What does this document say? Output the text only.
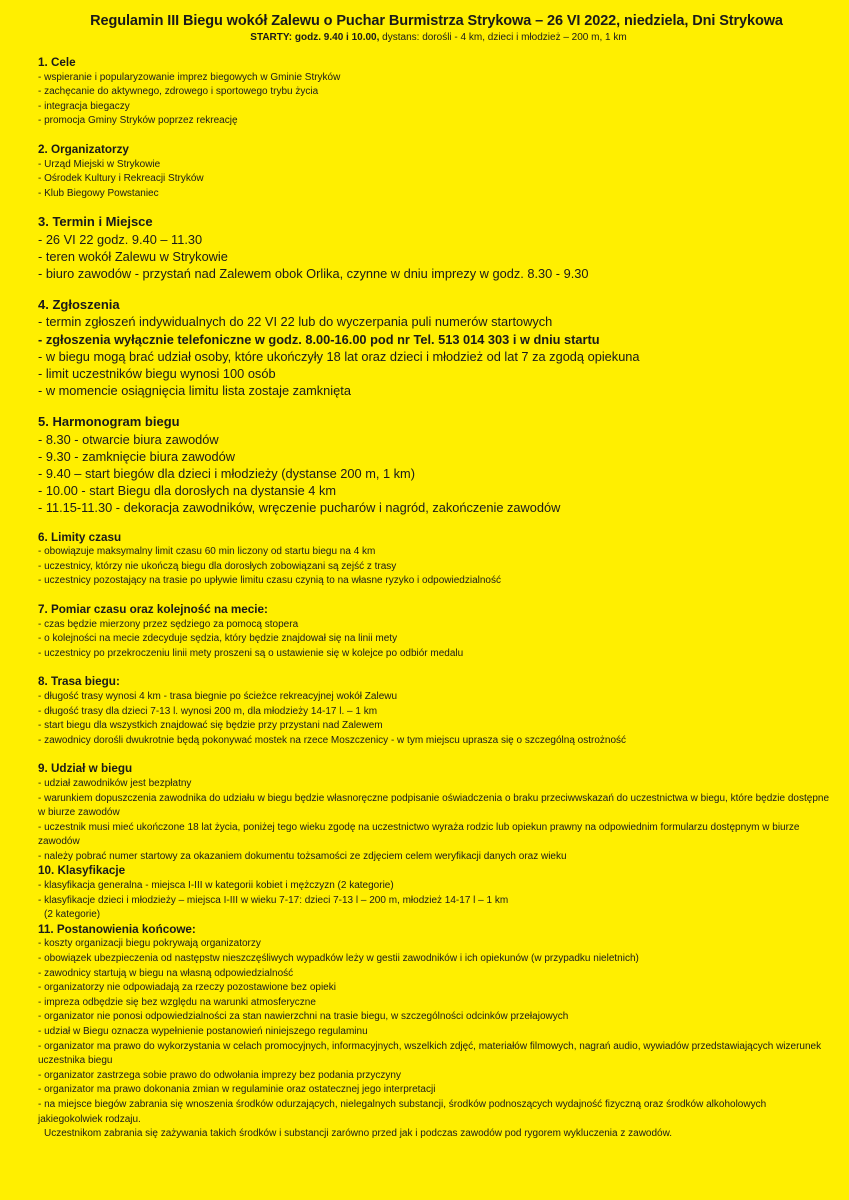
Regulamin III Biegu wokół Zalewu o Puchar Burmistrza Strykowa – 26 VI 2022, niedziela, Dni Strykowa

STARTY: godz. 9.40 i 10.00, dystans: dorośli - 4 km, dzieci i młodzież – 200 m, 1 km

1. Cele
- wspieranie i popularyzowanie imprez biegowych w Gminie Stryków
- zachęcanie do aktywnego, zdrowego i sportowego trybu życia
- integracja biegaczy
- promocja Gminy Stryków poprzez rekreację
2. Organizatorzy
- Urząd Miejski w Strykowie
- Ośrodek Kultury i Rekreacji Stryków
- Klub Biegowy Powstaniec
3. Termin i Miejsce
- 26 VI 22 godz. 9.40 – 11.30
- teren wokół Zalewu w Strykowie
- biuro zawodów - przystań nad Zalewem obok Orlika, czynne w dniu imprezy w godz. 8.30 - 9.30
4. Zgłoszenia
- termin zgłoszeń indywidualnych do 22 VI 22 lub do wyczerpania puli numerów startowych
- zgłoszenia wyłącznie telefoniczne w godz. 8.00-16.00 pod nr Tel. 513 014 303 i w dniu startu
- w biegu mogą brać udział osoby, które ukończyły 18 lat oraz dzieci i młodzież od lat 7 za zgodą opiekuna
- limit uczestników biegu wynosi 100 osób
- w momencie osiągnięcia limitu lista zostaje zamknięta
5. Harmonogram biegu
- 8.30 - otwarcie biura zawodów
- 9.30 - zamknięcie biura zawodów
- 9.40 – start biegów dla dzieci i młodzieży (dystanse 200 m, 1 km)
- 10.00 - start Biegu dla dorosłych na dystansie 4 km
- 11.15-11.30 - dekoracja zawodników, wręczenie pucharów i nagród, zakończenie zawodów
6. Limity czasu
- obowiązuje maksymalny limit czasu 60 min liczony od startu biegu na 4 km
- uczestnicy, którzy nie ukończą biegu dla dorosłych zobowiązani są zejść z trasy
- uczestnicy pozostający na trasie po upływie limitu czasu czynią to na własne ryzyko i odpowiedzialność
7. Pomiar czasu oraz kolejność na mecie:
- czas będzie mierzony przez sędziego za pomocą stopera
- o kolejności na mecie zdecyduje sędzia, który będzie znajdował się na linii mety
- uczestnicy po przekroczeniu linii mety proszeni są o ustawienie się w kolejce po odbiór medalu
8. Trasa biegu:
- długość trasy wynosi 4 km - trasa biegnie po ścieżce rekreacyjnej wokół Zalewu
- długość trasy dla dzieci 7-13 l. wynosi 200 m, dla młodzieży 14-17 l. – 1 km
- start biegu dla wszystkich znajdować się będzie przy przystani nad Zalewem
- zawodnicy dorośli dwukrotnie będą pokonywać mostek na rzece Moszczenicy - w tym miejscu uprasza się o szczególną ostrożność
9. Udział w biegu
- udział zawodników jest bezpłatny
- warunkiem dopuszczenia zawodnika do udziału w biegu będzie własnoręczne podpisanie oświadczenia o braku przeciwwskazań do uczestnictwa w biegu, które będzie dostępne w biurze zawodów
- uczestnik musi mieć ukończone 18 lat życia, poniżej tego wieku zgodę na uczestnictwo wyraża rodzic lub opiekun prawny na odpowiednim formularzu dostępnym w biurze zawodów
- należy pobrać numer startowy za okazaniem dokumentu tożsamości ze zdjęciem celem weryfikacji danych oraz wieku
10. Klasyfikacje
- klasyfikacja generalna - miejsca I-III w kategorii kobiet i mężczyzn (2 kategorie)
- klasyfikacje dzieci i młodzieży – miejsca I-III w wieku 7-17: dzieci 7-13 l – 200 m, młodzież 14-17 l – 1 km
(2 kategorie)
11. Postanowienia końcowe:
- koszty organizacji biegu pokrywają organizatorzy
- obowiązek ubezpieczenia od następstw nieszczęśliwych wypadków leży w gestii zawodników i ich opiekunów (w przypadku nieletnich)
- zawodnicy startują w biegu na własną odpowiedzialność
- organizatorzy nie odpowiadają za rzeczy pozostawione bez opieki
- impreza odbędzie się bez względu na warunki atmosferyczne
- organizator nie ponosi odpowiedzialności za stan nawierzchni na trasie biegu, w szczególności odcinków przełajowych
- udział w Biegu oznacza wypełnienie postanowień niniejszego regulaminu
- organizator ma prawo do wykorzystania w celach promocyjnych, informacyjnych, wszelkich zdjęć, materiałów filmowych, nagrań audio, wywiadów przedstawiających wizerunek uczestnika biegu
- organizator zastrzega sobie prawo do odwołania imprezy bez podania przyczyny
- organizator ma prawo dokonania zmian w regulaminie oraz ostatecznej jego interpretacji
- na miejsce biegów zabrania się wnoszenia środków odurzających, nielegalnych substancji, środków podnoszących wydajność fizyczną oraz środków alkoholowych jakiegokolwiek rodzaju.
Uczestnikom zabrania się zażywania takich środków i substancji zarówno przed jak i podczas zawodów pod rygorem wykluczenia z zawodów.
